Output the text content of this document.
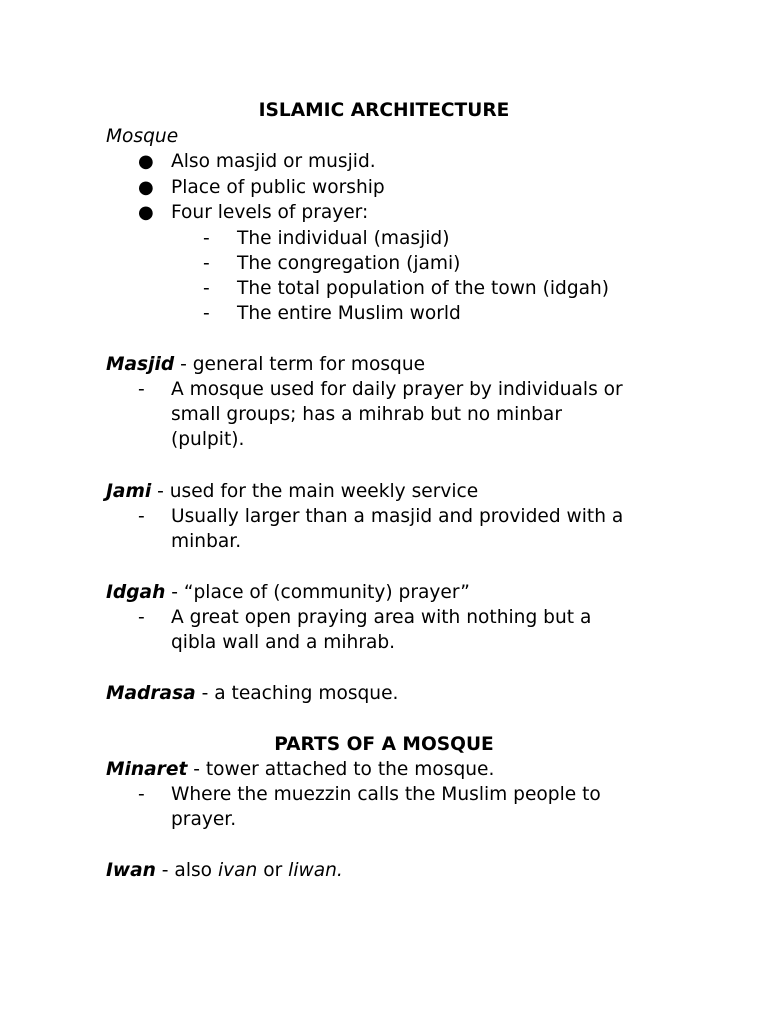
ISLAMIC ARCHITECTURE
Mosque
● Also masjid or musjid.
● Place of public worship
● Four levels of prayer:
- The individual (masjid)
- The congregation (jami)
- The total population of the town (idgah)
- The entire Muslim world
Masjid - general term for mosque
- A mosque used for daily prayer by individuals or
small groups; has a mihrab but no minbar
(pulpit).
Jami - used for the main weekly service
- Usually larger than a masjid and provided with a
minbar.
Idgah - “place of (community) prayer”
- A great open praying area with nothing but a
qibla wall and a mihrab.
Madrasa - a teaching mosque.
PARTS OF A MOSQUE
Minaret - tower attached to the mosque.
- Where the muezzin calls the Muslim people to
prayer.
Iwan - also ivan or liwan.
